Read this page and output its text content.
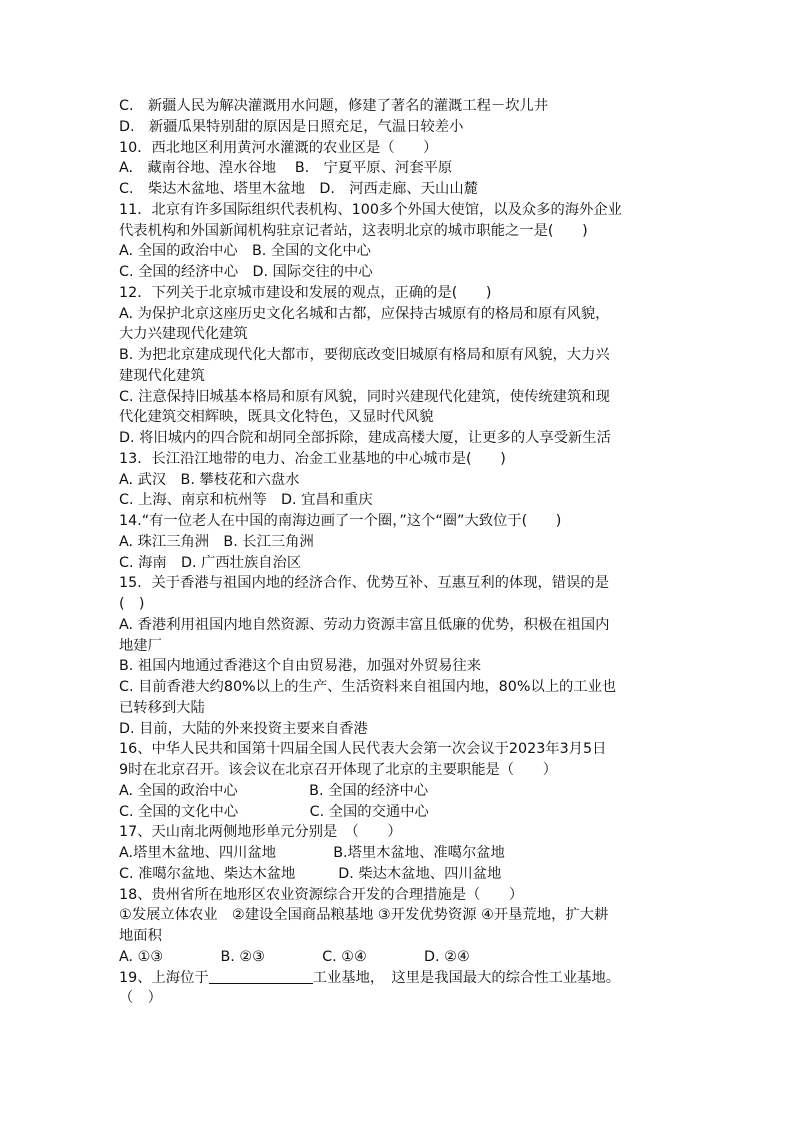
C.　新疆人民为解决灌溉用水问题，修建了著名的灌溉工程－坎儿井
D.　新疆瓜果特别甜的原因是日照充足，气温日较差小
10．西北地区利用黄河水灌溉的农业区是（　　）
A.　藏南谷地、湟水谷地　 B.　宁夏平原、河套平原
C.　柴达木盆地、塔里木盆地　D.　河西走廊、天山山麓
11．北京有许多国际组织代表机构、100多个外国大使馆，以及众多的海外企业
代表机构和外国新闻机构驻京记者站，这表明北京的城市职能之一是(　　)
A. 全国的政治中心　B. 全国的文化中心
C. 全国的经济中心　D. 国际交往的中心
12．下列关于北京城市建设和发展的观点，正确的是(　　)
A. 为保护北京这座历史文化名城和古都，应保持古城原有的格局和原有风貌，
大力兴建现代化建筑
B. 为把北京建成现代化大都市，要彻底改变旧城原有格局和原有风貌，大力兴
建现代化建筑
C. 注意保持旧城基本格局和原有风貌，同时兴建现代化建筑，使传统建筑和现
代化建筑交相辉映，既具文化特色，又显时代风貌
D. 将旧城内的四合院和胡同全部拆除，建成高楼大厦，让更多的人享受新生活
13．长江沿江地带的电力、冶金工业基地的中心城市是(　　)
A. 武汉　B. 攀枝花和六盘水
C. 上海、南京和杭州等　D. 宜昌和重庆
14.“有一位老人在中国的南海边画了一个圈，”这个“圈”大致位于(　　)
A. 珠江三角洲　B. 长江三角洲
C. 海南　D. 广西壮族自治区
15．关于香港与祖国内地的经济合作、优势互补、互惠互利的体现，错误的是
(　)
A. 香港利用祖国内地自然资源、劳动力资源丰富且低廉的优势，积极在祖国内
地建厂
B. 祖国内地通过香港这个自由贸易港，加强对外贸易往来
C. 目前香港大约80%以上的生产、生活资料来自祖国内地，80%以上的工业也
已转移到大陆
D. 目前，大陆的外来投资主要来自香港
16、中华人民共和国第十四届全国人民代表大会第一次会议于2023年3月5日
9时在北京召开。该会议在北京召开体现了北京的主要职能是（　　）
A. 全国的政治中心　　　　　B. 全国的经济中心
C. 全国的文化中心　　　　　C. 全国的交通中心
17、天山南北两侧地形单元分别是　（　　）
A.塔里木盆地、四川盆地　　　　B.塔里木盆地、准噶尔盆地
C. 准噶尔盆地、柴达木盆地　　　D. 柴达木盆地、四川盆地
18、贵州省所在地形区农业资源综合开发的合理措施是（　　）
①发展立体农业　②建设全国商品粮基地 ③开发优势资源 ④开垦荒地，扩大耕
地面积
A. ①③　　　　B. ②③　　　　C. ①④　　　　D. ②④
19、上海位于	工业基地，　这里是我国最大的综合性工业基地。
（　）
